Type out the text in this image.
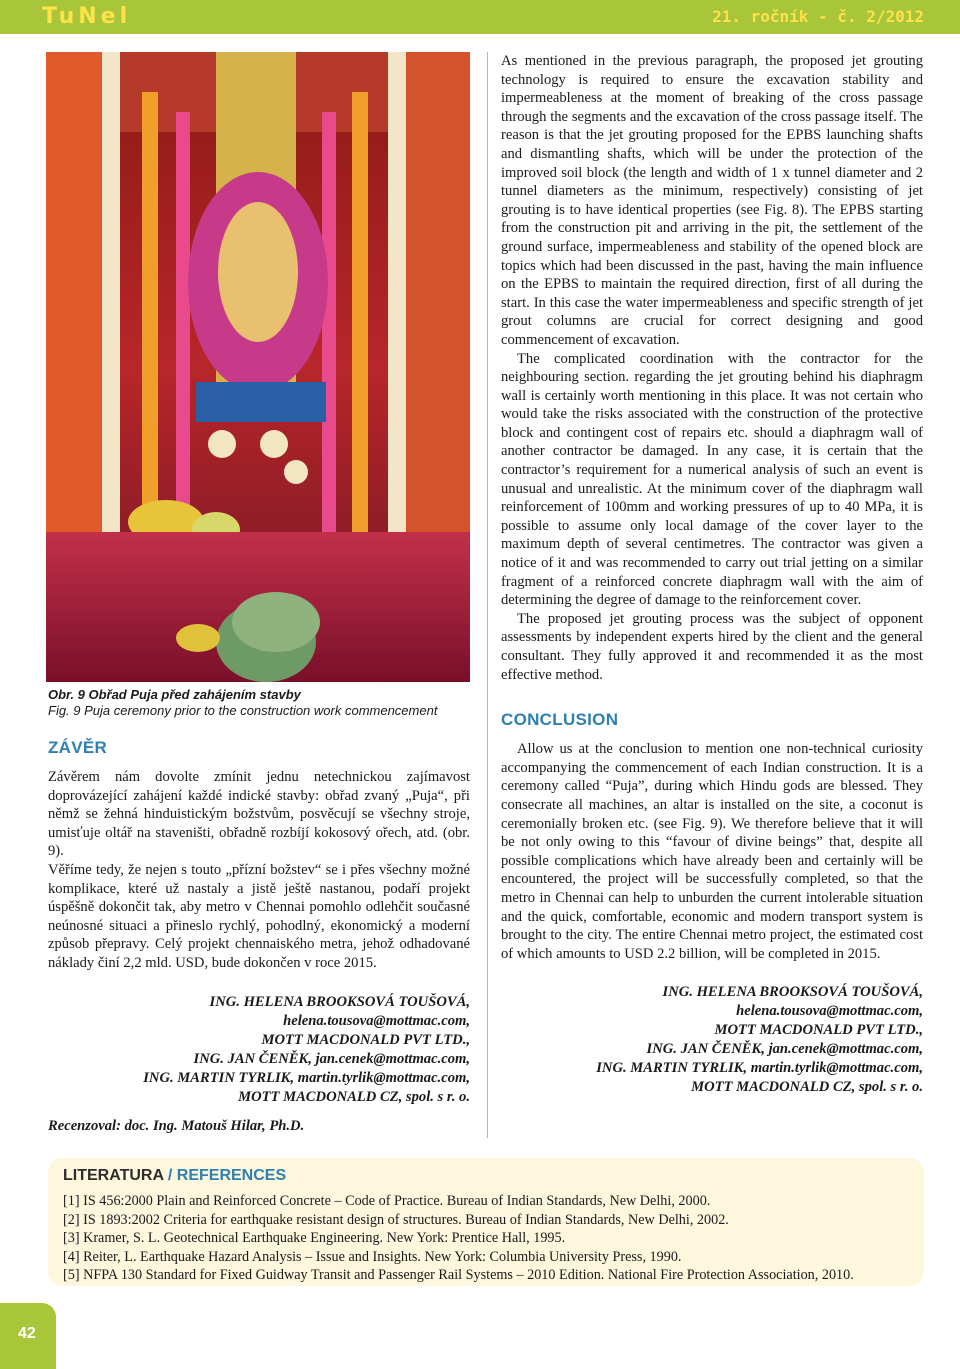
TuNel	21. ročník - č. 2/2012
Obr. 9 Obřad Puja před zahájením stavby
Fig. 9 Puja ceremony prior to the construction work commencement
ZÁVĚR

Závěrem nám dovolte zmínit jednu netechnickou zajímavost doprovázející zahájení každé indické stavby: obřad zvaný „Puja“, při němž se žehná hinduistickým božstvům, posvěcují se všechny stroje, umisťuje oltář na staveništi, obřadně rozbíjí kokosový ořech, atd. (obr. 9).

Věříme tedy, že nejen s touto „přízní božstev“ se i přes všechny možné komplikace, které už nastaly a jistě ještě nastanou, podaří projekt úspěšně dokončit tak, aby metro v Chennai pomohlo odlehčit současné neúnosné situaci a přineslo rychlý, pohodlný, ekonomický a moderní způsob přepravy. Celý projekt chennaiského metra, jehož odhadované náklady činí 2,2 mld. USD, bude dokončen v roce 2015.

ING. HELENA BROOKSOVÁ TOUŠOVÁ,
helena.tousova@mottmac.com,
MOTT MACDONALD PVT LTD.,
ING. JAN ČENĚK, jan.cenek@mottmac.com,
ING. MARTIN TYRLIK, martin.tyrlik@mottmac.com,
MOTT MACDONALD CZ, spol. s r. o.
Recenzoval: doc. Ing. Matouš Hilar, Ph.D.

As mentioned in the previous paragraph, the proposed jet grouting technology is required to ensure the excavation stability and impermeableness at the moment of breaking of the cross passage through the segments and the excavation of the cross passage itself. The reason is that the jet grouting proposed for the EPBS launching shafts and dismantling shafts, which will be under the protection of the improved soil block (the length and width of 1 x tunnel diameter and 2 tunnel diameters as the minimum, respectively) consisting of jet grouting is to have identical properties (see Fig. 8). The EPBS starting from the construction pit and arriving in the pit, the settlement of the ground surface, impermeableness and stability of the opened block are topics which had been discussed in the past, having the main influence on the EPBS to maintain the required direction, first of all during the start. In this case the water impermeableness and specific strength of jet grout columns are crucial for correct designing and good commencement of excavation.

The complicated coordination with the contractor for the neighbouring section. regarding the jet grouting behind his diaphragm wall is certainly worth mentioning in this place. It was not certain who would take the risks associated with the construction of the protective block and contingent cost of repairs etc. should a diaphragm wall of another contractor be damaged. In any case, it is certain that the contractor’s requirement for a numerical analysis of such an event is unusual and unrealistic. At the minimum cover of the diaphragm wall reinforcement of 100mm and working pressures of up to 40 MPa, it is possible to assume only local damage of the cover layer to the maximum depth of several centimetres. The contractor was given a notice of it and was recommended to carry out trial jetting on a similar fragment of a reinforced concrete diaphragm wall with the aim of determining the degree of damage to the reinforcement cover.

The proposed jet grouting process was the subject of opponent assessments by independent experts hired by the client and the general consultant. They fully approved it and recommended it as the most effective method.

CONCLUSION

Allow us at the conclusion to mention one non-technical curiosity accompanying the commencement of each Indian construction. It is a ceremony called “Puja”, during which Hindu gods are blessed. They consecrate all machines, an altar is installed on the site, a coconut is ceremonially broken etc. (see Fig. 9). We therefore believe that it will be not only owing to this “favour of divine beings” that, despite all possible complications which have already been and certainly will be encountered, the project will be successfully completed, so that the metro in Chennai can help to unburden the current intolerable situation and the quick, comfortable, economic and modern transport system is brought to the city. The entire Chennai metro project, the estimated cost of which amounts to USD 2.2 billion, will be completed in 2015.

ING. HELENA BROOKSOVÁ TOUŠOVÁ,
helena.tousova@mottmac.com,
MOTT MACDONALD PVT LTD.,
ING. JAN ČENĚK, jan.cenek@mottmac.com,
ING. MARTIN TYRLIK, martin.tyrlik@mottmac.com,
MOTT MACDONALD CZ, spol. s r. o.
LITERATURA / REFERENCES
[1] IS 456:2000 Plain and Reinforced Concrete – Code of Practice. Bureau of Indian Standards, New Delhi, 2000.
[2] IS 1893:2002 Criteria for earthquake resistant design of structures. Bureau of Indian Standards, New Delhi, 2002.
[3] Kramer, S. L. Geotechnical Earthquake Engineering. New York: Prentice Hall, 1995.
[4] Reiter, L. Earthquake Hazard Analysis – Issue and Insights. New York: Columbia University Press, 1990.
[5] NFPA 130 Standard for Fixed Guidway Transit and Passenger Rail Systems – 2010 Edition. National Fire Protection Association, 2010.
42
